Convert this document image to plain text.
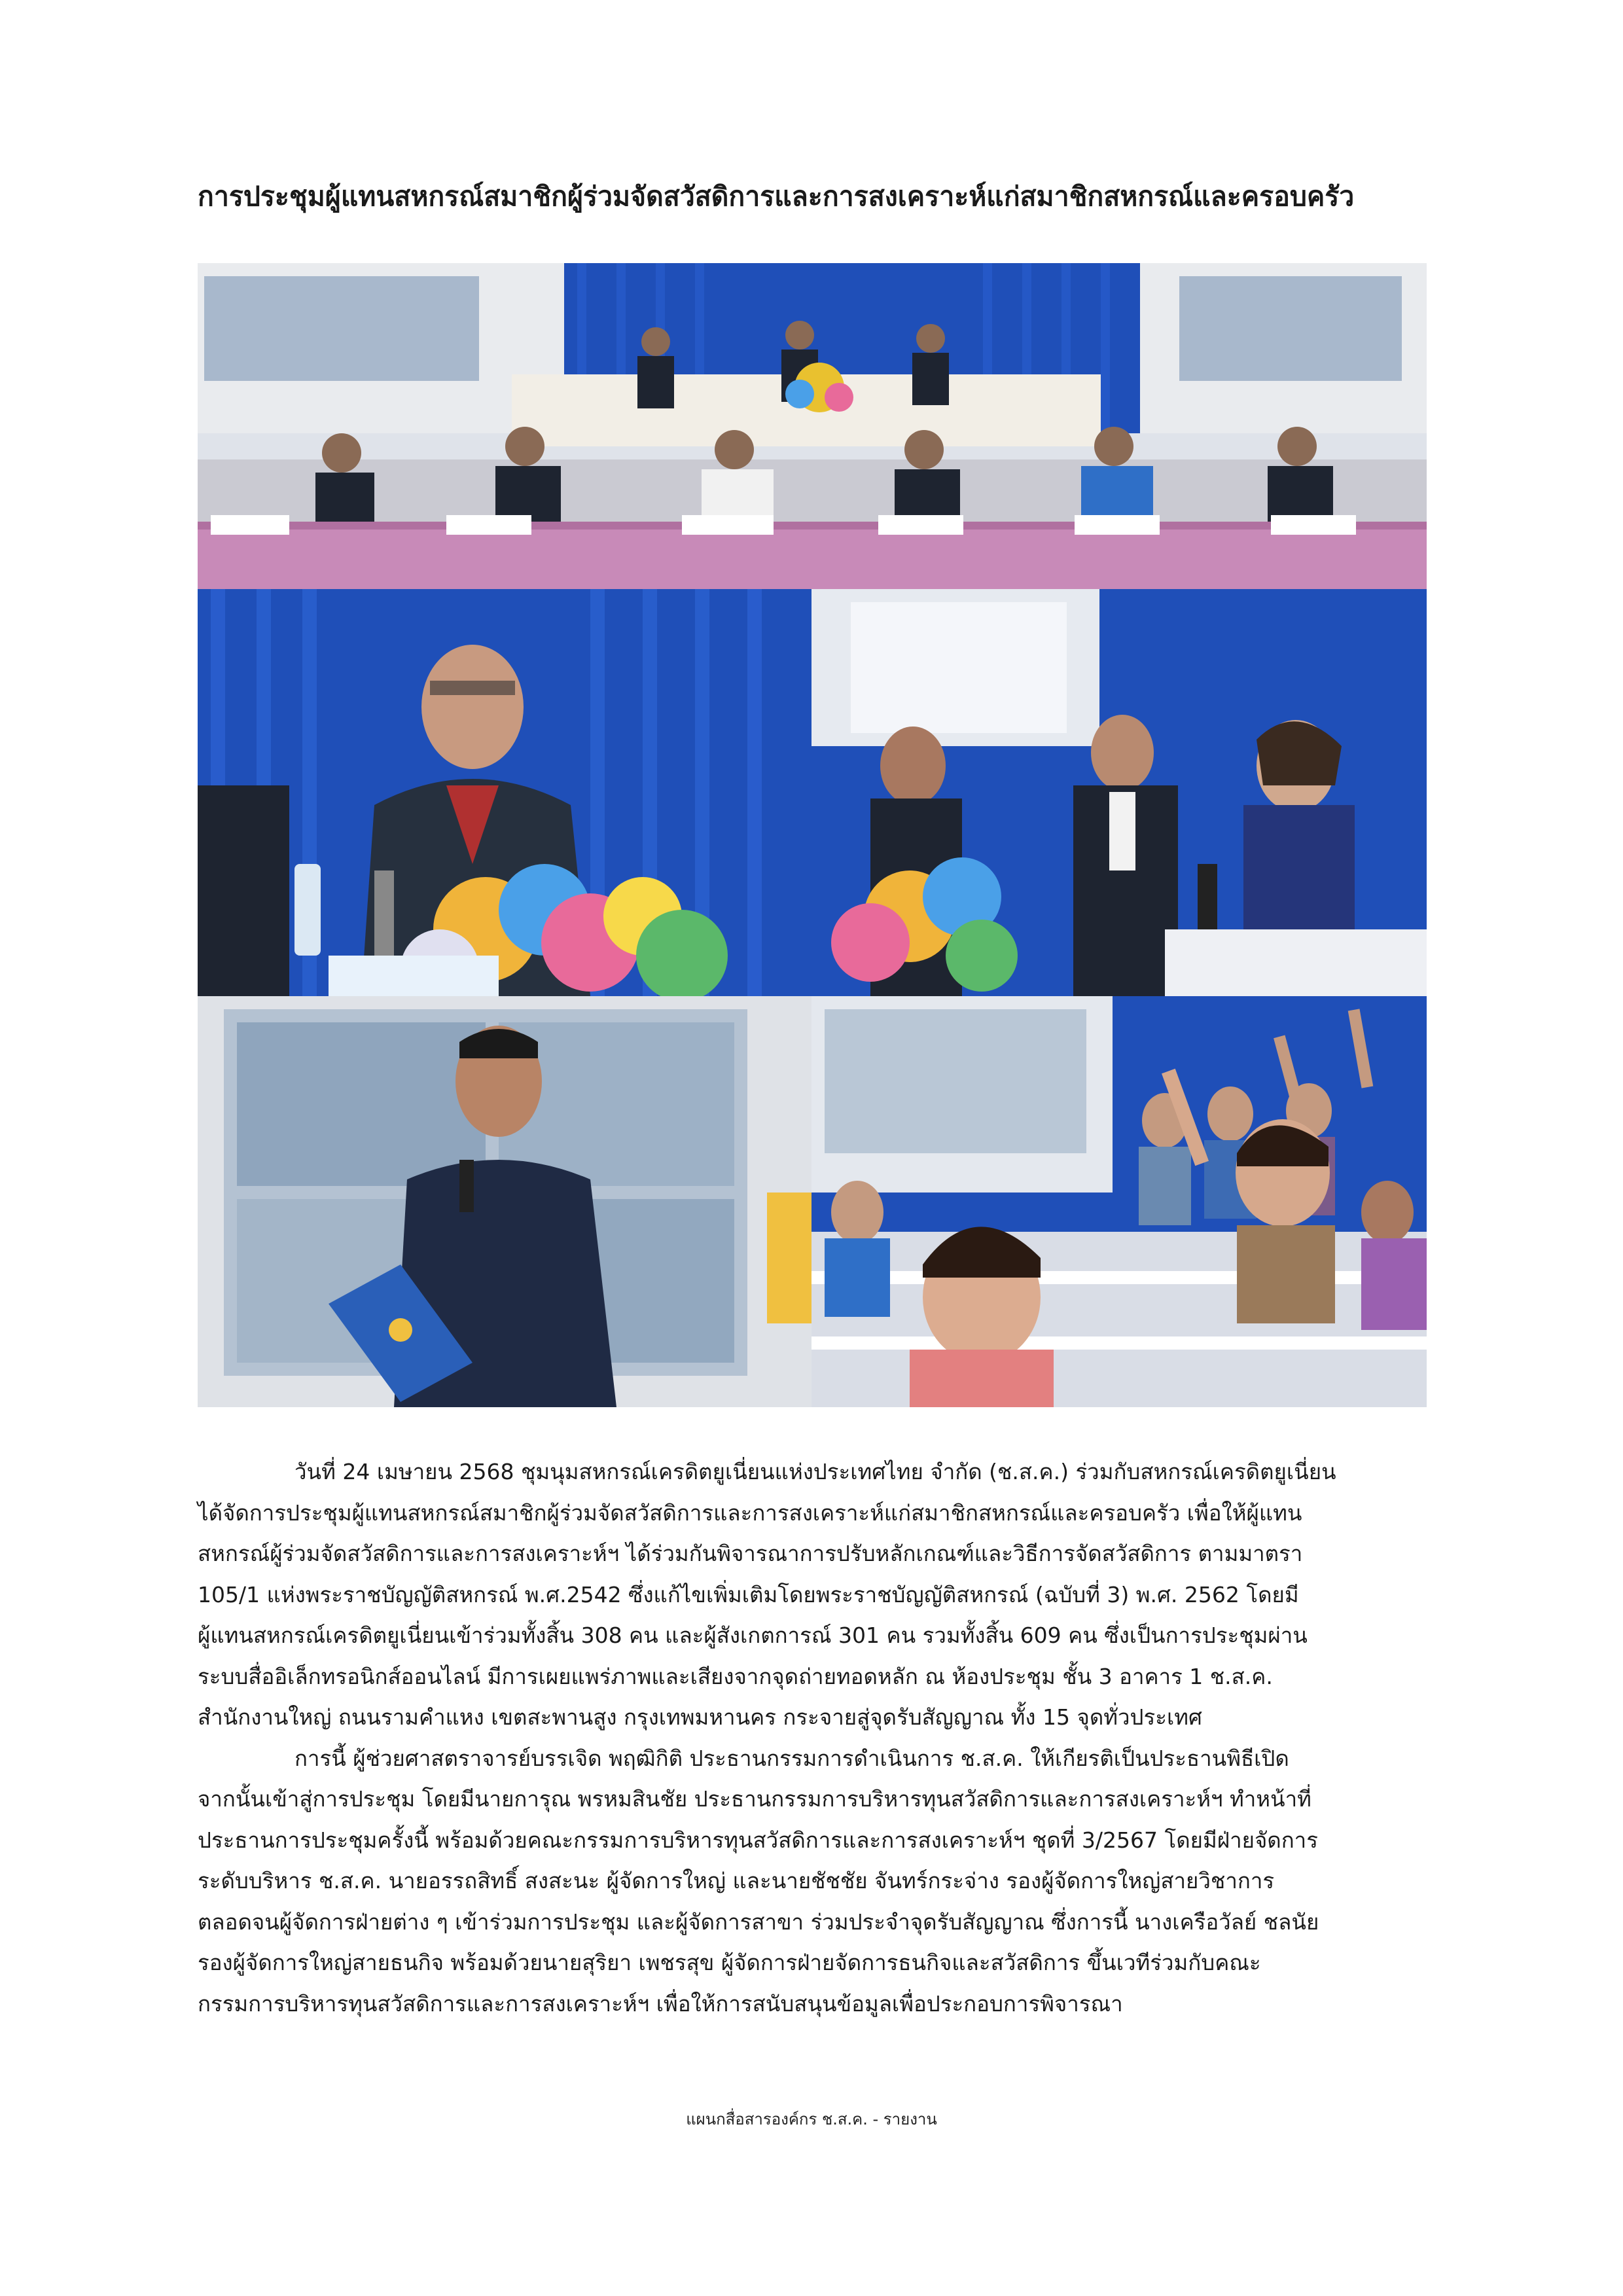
การประชุมผู้แทนสหกรณ์สมาชิกผู้ร่วมจัดสวัสดิการและการสงเคราะห์แก่สมาชิกสหกรณ์และครอบครัว

วันที่ 24 เมษายน 2568 ชุมนุมสหกรณ์เครดิตยูเนี่ยนแห่งประเทศไทย จำกัด (ช.ส.ค.) ร่วมกับสหกรณ์เครดิตยูเนี่ยน

ได้จัดการประชุมผู้แทนสหกรณ์สมาชิกผู้ร่วมจัดสวัสดิการและการสงเคราะห์แก่สมาชิกสหกรณ์และครอบครัว เพื่อให้ผู้แทน

สหกรณ์ผู้ร่วมจัดสวัสดิการและการสงเคราะห์ฯ ได้ร่วมกันพิจารณาการปรับหลักเกณฑ์และวิธีการจัดสวัสดิการ ตามมาตรา

105/1 แห่งพระราชบัญญัติสหกรณ์ พ.ศ.2542 ซึ่งแก้ไขเพิ่มเติมโดยพระราชบัญญัติสหกรณ์ (ฉบับที่ 3) พ.ศ. 2562 โดยมี

ผู้แทนสหกรณ์เครดิตยูเนี่ยนเข้าร่วมทั้งสิ้น 308 คน และผู้สังเกตการณ์ 301 คน รวมทั้งสิ้น 609 คน ซึ่งเป็นการประชุมผ่าน

ระบบสื่ออิเล็กทรอนิกส์ออนไลน์ มีการเผยแพร่ภาพและเสียงจากจุดถ่ายทอดหลัก ณ ห้องประชุม ชั้น 3 อาคาร 1 ช.ส.ค.

สำนักงานใหญ่ ถนนรามคำแหง เขตสะพานสูง กรุงเทพมหานคร กระจายสู่จุดรับสัญญาณ ทั้ง 15 จุดทั่วประเทศ

การนี้ ผู้ช่วยศาสตราจารย์บรรเจิด พฤฒิกิติ ประธานกรรมการดำเนินการ ช.ส.ค. ให้เกียรติเป็นประธานพิธีเปิด

จากนั้นเข้าสู่การประชุม โดยมีนายการุณ พรหมสินชัย ประธานกรรมการบริหารทุนสวัสดิการและการสงเคราะห์ฯ ทำหน้าที่

ประธานการประชุมครั้งนี้ พร้อมด้วยคณะกรรมการบริหารทุนสวัสดิการและการสงเคราะห์ฯ ชุดที่ 3/2567 โดยมีฝ่ายจัดการ

ระดับบริหาร ช.ส.ค. นายอรรถสิทธิ์ สงสะนะ ผู้จัดการใหญ่ และนายชัชชัย จันทร์กระจ่าง รองผู้จัดการใหญ่สายวิชาการ

ตลอดจนผู้จัดการฝ่ายต่าง ๆ เข้าร่วมการประชุม และผู้จัดการสาขา ร่วมประจำจุดรับสัญญาณ ซึ่งการนี้ นางเครือวัลย์ ชลนัย

รองผู้จัดการใหญ่สายธนกิจ พร้อมด้วยนายสุริยา เพชรสุข ผู้จัดการฝ่ายจัดการธนกิจและสวัสดิการ ขึ้นเวทีร่วมกับคณะ

กรรมการบริหารทุนสวัสดิการและการสงเคราะห์ฯ เพื่อให้การสนับสนุนข้อมูลเพื่อประกอบการพิจารณา

แผนกสื่อสารองค์กร ช.ส.ค. - รายงาน
